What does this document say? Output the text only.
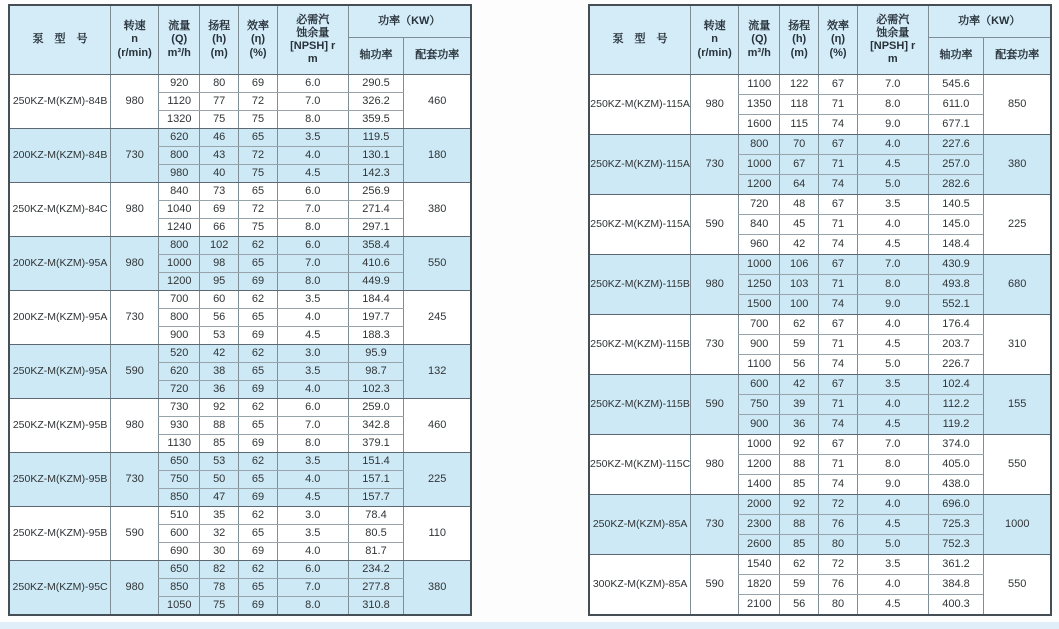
泵　型　号	转速
n
(r/min)	流量
(Q)
m³/h	扬程
(h)
(m)	效率
(η)
(%)	必需汽
蚀余量
[NPSH] r
m	功率（KW）	

						轴功率	配套功率

250KZ-M(KZM)-84B	980	920	80	69	6.0	290.5	460
		1120	77	72	7.0	326.2	
		1320	75	75	8.0	359.5	
200KZ-M(KZM)-84B	730	620	46	65	3.5	119.5	180
		800	43	72	4.0	130.1	
		980	40	75	4.5	142.3	
250KZ-M(KZM)-84C	980	840	73	65	6.0	256.9	380
		1040	69	72	7.0	271.4	
		1240	66	75	8.0	297.1	
200KZ-M(KZM)-95A	980	800	102	62	6.0	358.4	550
		1000	98	65	7.0	410.6	
		1200	95	69	8.0	449.9	
200KZ-M(KZM)-95A	730	700	60	62	3.5	184.4	245
		800	56	65	4.0	197.7	
		900	53	69	4.5	188.3	
250KZ-M(KZM)-95A	590	520	42	62	3.0	95.9	132
		620	38	65	3.5	98.7	
		720	36	69	4.0	102.3	
250KZ-M(KZM)-95B	980	730	92	62	6.0	259.0	460
		930	88	65	7.0	342.8	
		1130	85	69	8.0	379.1	
250KZ-M(KZM)-95B	730	650	53	62	3.5	151.4	225
		750	50	65	4.0	157.1	
		850	47	69	4.5	157.7	
250KZ-M(KZM)-95B	590	510	35	62	3.0	78.4	110
		600	32	65	3.5	80.5	
		690	30	69	4.0	81.7	
250KZ-M(KZM)-95C	980	650	82	62	6.0	234.2	380
		850	78	65	7.0	277.8	
		1050	75	69	8.0	310.8	
泵　型　号	转速
n
(r/min)	流量
(Q)
m³/h	扬程
(h)
(m)	效率
(η)
(%)	必需汽
蚀余量
[NPSH] r
m	功率（KW）	

						轴功率	配套功率

250KZ-M(KZM)-115A	980	1100	122	67	7.0	545.6	850
		1350	118	71	8.0	611.0	
		1600	115	74	9.0	677.1	
250KZ-M(KZM)-115A	730	800	70	67	4.0	227.6	380
		1000	67	71	4.5	257.0	
		1200	64	74	5.0	282.6	
250KZ-M(KZM)-115A	590	720	48	67	3.5	140.5	225
		840	45	71	4.0	145.0	
		960	42	74	4.5	148.4	
250KZ-M(KZM)-115B	980	1000	106	67	7.0	430.9	680
		1250	103	71	8.0	493.8	
		1500	100	74	9.0	552.1	
250KZ-M(KZM)-115B	730	700	62	67	4.0	176.4	310
		900	59	71	4.5	203.7	
		1100	56	74	5.0	226.7	
250KZ-M(KZM)-115B	590	600	42	67	3.5	102.4	155
		750	39	71	4.0	112.2	
		900	36	74	4.5	119.2	
250KZ-M(KZM)-115C	980	1000	92	67	7.0	374.0	550
		1200	88	71	8.0	405.0	
		1400	85	74	9.0	438.0	
250KZ-M(KZM)-85A	730	2000	92	72	4.0	696.0	1000
		2300	88	76	4.5	725.3	
		2600	85	80	5.0	752.3	
300KZ-M(KZM)-85A	590	1540	62	72	3.5	361.2	550
		1820	59	76	4.0	384.8	
		2100	56	80	4.5	400.3	
